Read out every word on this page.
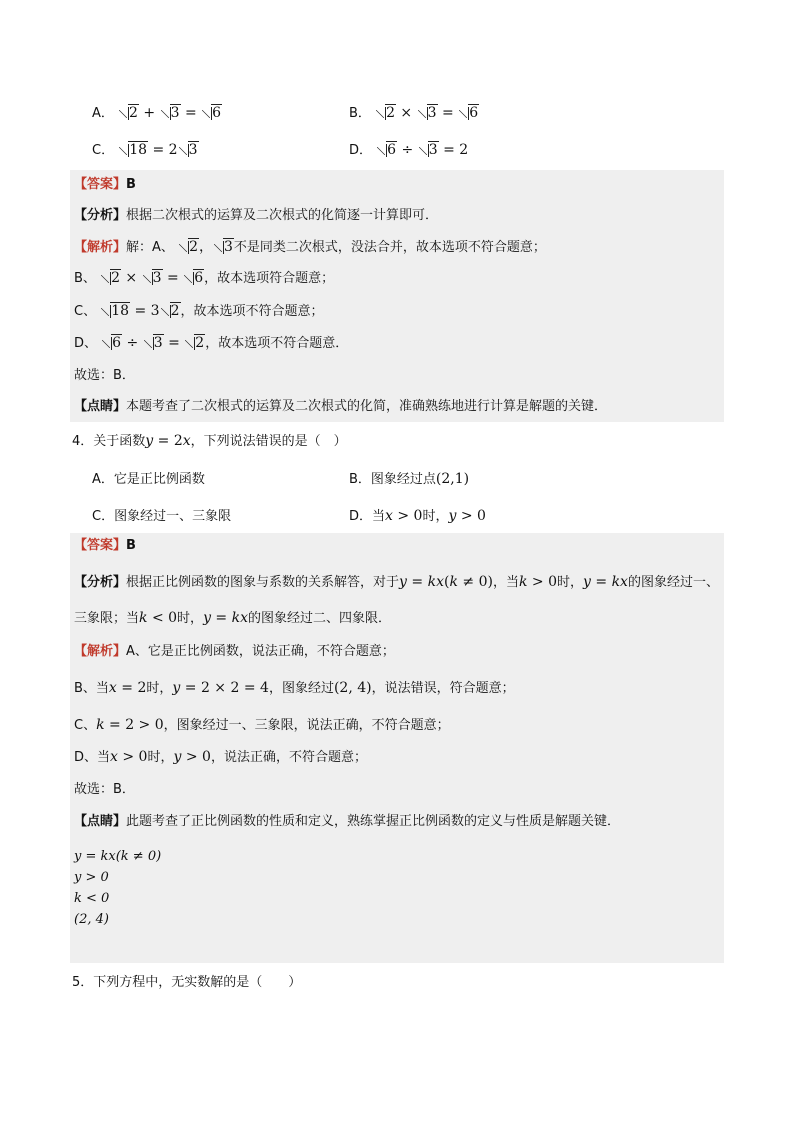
A． 2 + 3 = 6	B． 2 × 3 = 6
C． 18 = 2 3	D． 6 ÷ 3 = 2
【答案】B
【分析】根据二次根式的运算及二次根式的化简逐一计算即可．
【解析】解：A、 2， 3不是同类二次根式，没法合并，故本选项不符合题意；
B、 2 × 3 = 6，故本选项符合题意；
C、 18 = 3 2，故本选项不符合题意；
D、 6 ÷ 3 = 2，故本选项不符合题意．
故选：B．
【点睛】本题考查了二次根式的运算及二次根式的化简，准确熟练地进行计算是解题的关键．
4．关于函数y = 2x，下列说法错误的是（　）
A．它是正比例函数	B．图象经过点(2,1)
C．图象经过一、三象限	D．当x > 0时，y > 0
【答案】B
【分析】根据正比例函数的图象与系数的关系解答，对于y = kx(k ≠ 0)，当k > 0时，y = kx的图象经过一、
三象限；当k < 0时，y = kx的图象经过二、四象限．
【解析】A、它是正比例函数，说法正确，不符合题意；
B、当x = 2时，y = 2 × 2 = 4，图象经过(2, 4)，说法错误，符合题意；
C、k = 2 > 0，图象经过一、三象限，说法正确，不符合题意；
D、当x > 0时，y > 0，说法正确，不符合题意；
故选：B．
【点睛】此题考查了正比例函数的性质和定义，熟练掌握正比例函数的定义与性质是解题关键．
y = kx(k ≠ 0)
y > 0
k < 0
(2, 4)
5．下列方程中，无实数解的是（　　）
